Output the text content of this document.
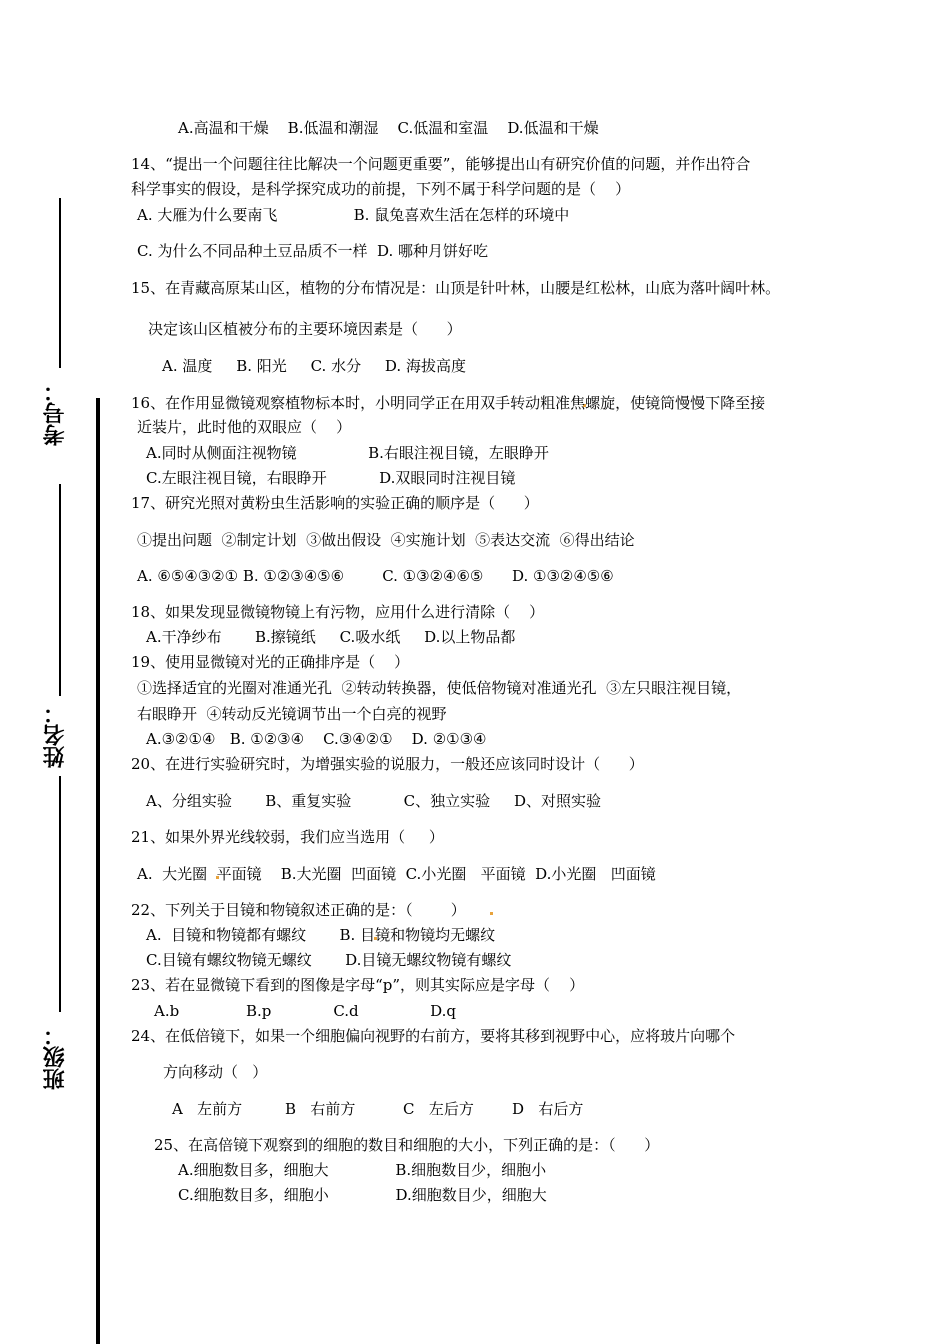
考号：
姓名：
班级：
A.高温和干燥    B.低温和潮湿    C.低温和室温    D.低温和干燥
14、“提出一个问题往往比解决一个问题更重要”，能够提出山有研究价值的问题，并作出符合
科学事实的假设，是科学探究成功的前提，下列不属于科学问题的是（    ）
A. 大雁为什么要南飞                B. 鼠兔喜欢生活在怎样的环境中
C. 为什么不同品种土豆品质不一样  D. 哪种月饼好吃
15、在青藏高原某山区，植物的分布情况是：山顶是针叶林，山腰是红松林，山底为落叶阔叶林。
决定该山区植被分布的主要环境因素是（      ）
A. 温度     B. 阳光     C. 水分     D. 海拔高度
16、在作用显微镜观察植物标本时，小明同学正在用双手转动粗准焦螺旋，使镜筒慢慢下降至接
近装片，此时他的双眼应（    ）
A.同时从侧面注视物镜               B.右眼注视目镜，左眼睁开
C.左眼注视目镜，右眼睁开           D.双眼同时注视目镜
17、研究光照对黄粉虫生活影响的实验正确的顺序是（      ）
①提出问题  ②制定计划  ③做出假设  ④实施计划  ⑤表达交流  ⑥得出结论
A. ⑥⑤④③②① B. ①②③④⑤⑥        C. ①③②④⑥⑤      D. ①③②④⑤⑥
18、如果发现显微镜物镜上有污物，应用什么进行清除（    ）
A.干净纱布       B.擦镜纸     C.吸水纸     D.以上物品都
19、使用显微镜对光的正确排序是（    ）
①选择适宜的光圈对准通光孔  ②转动转换器，使低倍物镜对准通光孔  ③左只眼注视目镜，
右眼睁开  ④转动反光镜调节出一个白亮的视野
A.③②①④   B. ①②③④    C.③④②①    D. ②①③④
20、在进行实验研究时，为增强实验的说服力，一般还应该同时设计（      ）
A、分组实验       B、重复实验           C、独立实验     D、对照实验
21、如果外界光线较弱，我们应当选用（     ）
A.  大光圈  平面镜    B.大光圈  凹面镜  C.小光圈   平面镜  D.小光圈   凹面镜
22、下列关于目镜和物镜叙述正确的是：（        ）
A.  目镜和物镜都有螺纹       B. 目镜和物镜均无螺纹
C.目镜有螺纹物镜无螺纹       D.目镜无螺纹物镜有螺纹
23、若在显微镜下看到的图像是字母“p”，则其实际应是字母（    ）
A.b              B.p             C.d               D.q
24、在低倍镜下，如果一个细胞偏向视野的右前方，要将其移到视野中心，应将玻片向哪个
方向移动（   ）
A   左前方         B   右前方          C   左后方        D   右后方
25、在高倍镜下观察到的细胞的数目和细胞的大小，下列正确的是：（      ）
A.细胞数目多，细胞大              B.细胞数目少，细胞小
C.细胞数目多，细胞小              D.细胞数目少，细胞大
